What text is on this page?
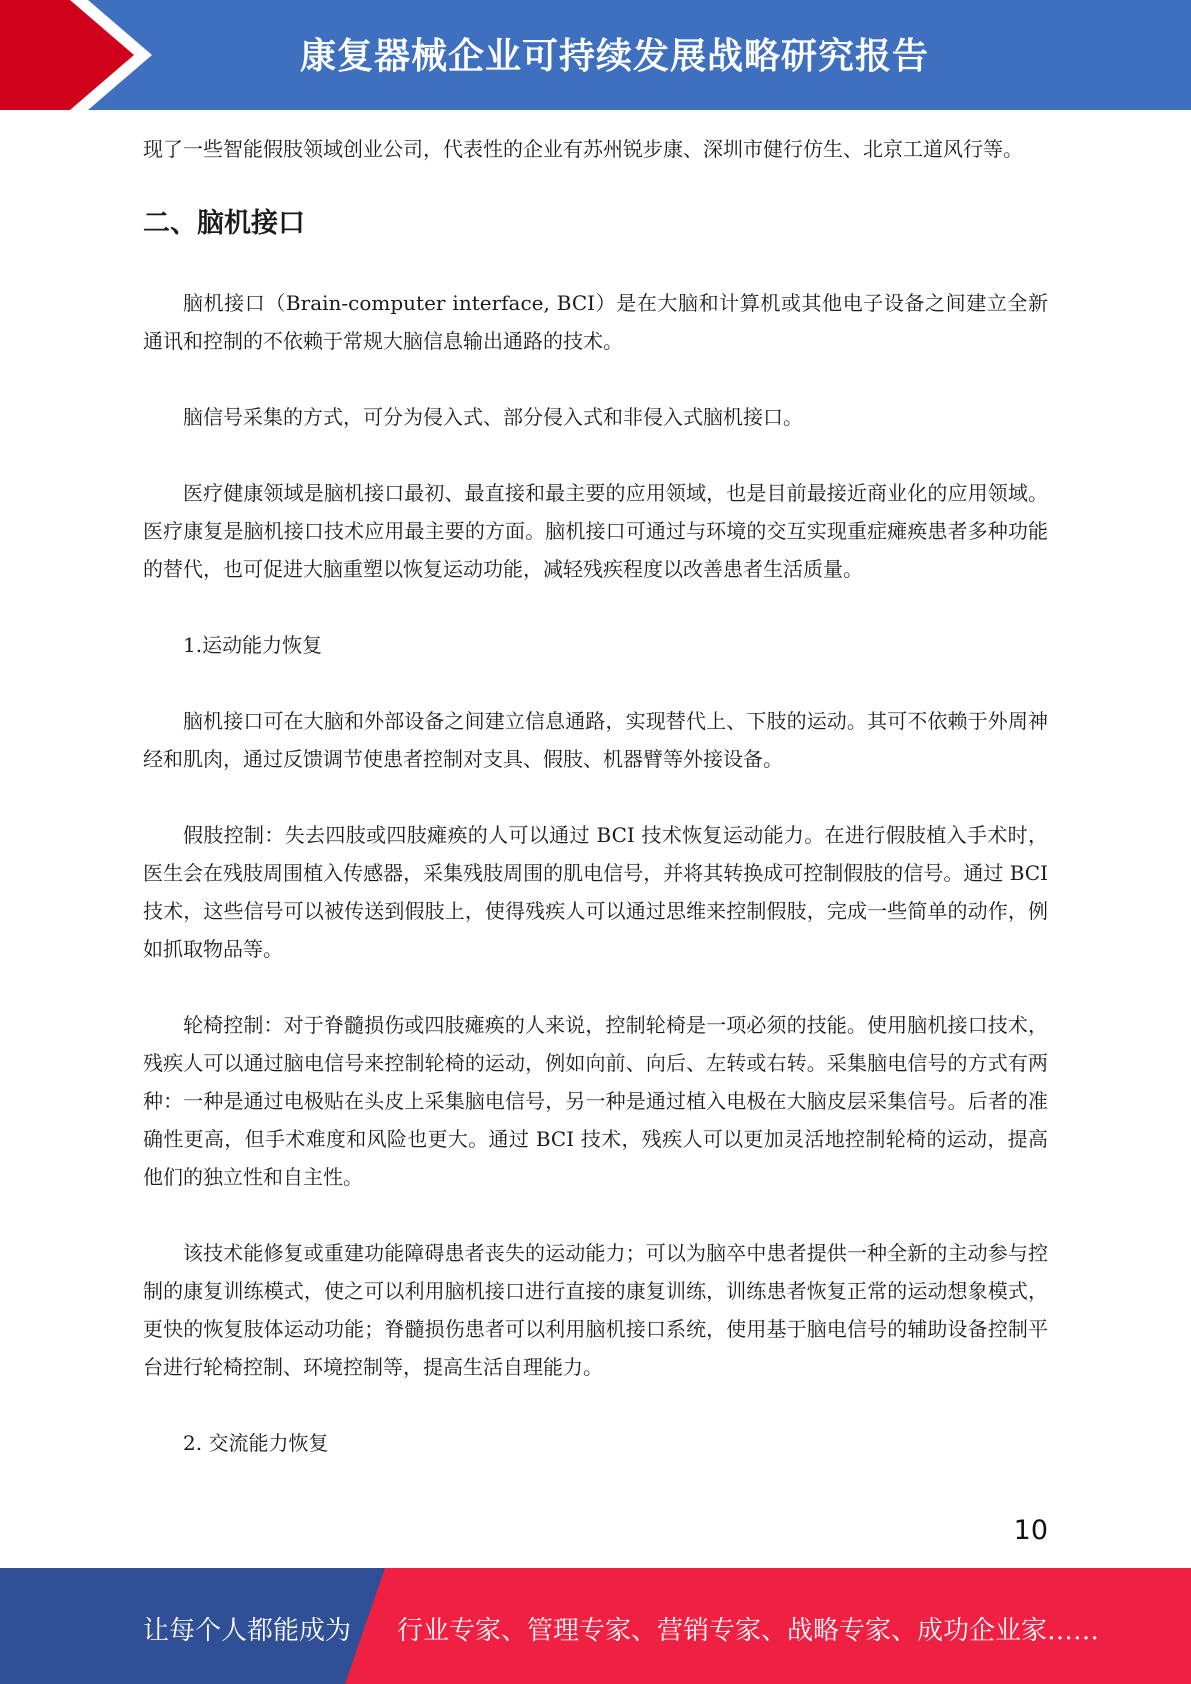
康复器械企业可持续发展战略研究报告

现了一些智能假肢领域创业公司，代表性的企业有苏州锐步康、深圳市健行仿生、北京工道风行等。

二、脑机接口

脑机接口（Brain-computer interface, BCI）是在大脑和计算机或其他电子设备之间建立全新通讯和控制的不依赖于常规大脑信息输出通路的技术。

脑信号采集的方式，可分为侵入式、部分侵入式和非侵入式脑机接口。

医疗健康领域是脑机接口最初、最直接和最主要的应用领域，也是目前最接近商业化的应用领域。医疗康复是脑机接口技术应用最主要的方面。脑机接口可通过与环境的交互实现重症瘫痪患者多种功能的替代，也可促进大脑重塑以恢复运动功能，减轻残疾程度以改善患者生活质量。

1.运动能力恢复

脑机接口可在大脑和外部设备之间建立信息通路，实现替代上、下肢的运动。其可不依赖于外周神经和肌肉，通过反馈调节使患者控制对支具、假肢、机器臂等外接设备。

假肢控制：失去四肢或四肢瘫痪的人可以通过 BCI 技术恢复运动能力。在进行假肢植入手术时，医生会在残肢周围植入传感器，采集残肢周围的肌电信号，并将其转换成可控制假肢的信号。通过 BCI 技术，这些信号可以被传送到假肢上，使得残疾人可以通过思维来控制假肢，完成一些简单的动作，例如抓取物品等。

轮椅控制：对于脊髓损伤或四肢瘫痪的人来说，控制轮椅是一项必须的技能。使用脑机接口技术，残疾人可以通过脑电信号来控制轮椅的运动，例如向前、向后、左转或右转。采集脑电信号的方式有两种：一种是通过电极贴在头皮上采集脑电信号，另一种是通过植入电极在大脑皮层采集信号。后者的准确性更高，但手术难度和风险也更大。通过 BCI 技术，残疾人可以更加灵活地控制轮椅的运动，提高他们的独立性和自主性。

该技术能修复或重建功能障碍患者丧失的运动能力；可以为脑卒中患者提供一种全新的主动参与控制的康复训练模式，使之可以利用脑机接口进行直接的康复训练，训练患者恢复正常的运动想象模式，更快的恢复肢体运动功能；脊髓损伤患者可以利用脑机接口系统，使用基于脑电信号的辅助设备控制平台进行轮椅控制、环境控制等，提高生活自理能力。

2. 交流能力恢复

10
让每个人都能成为 行业专家、管理专家、营销专家、战略专家、成功企业家……
